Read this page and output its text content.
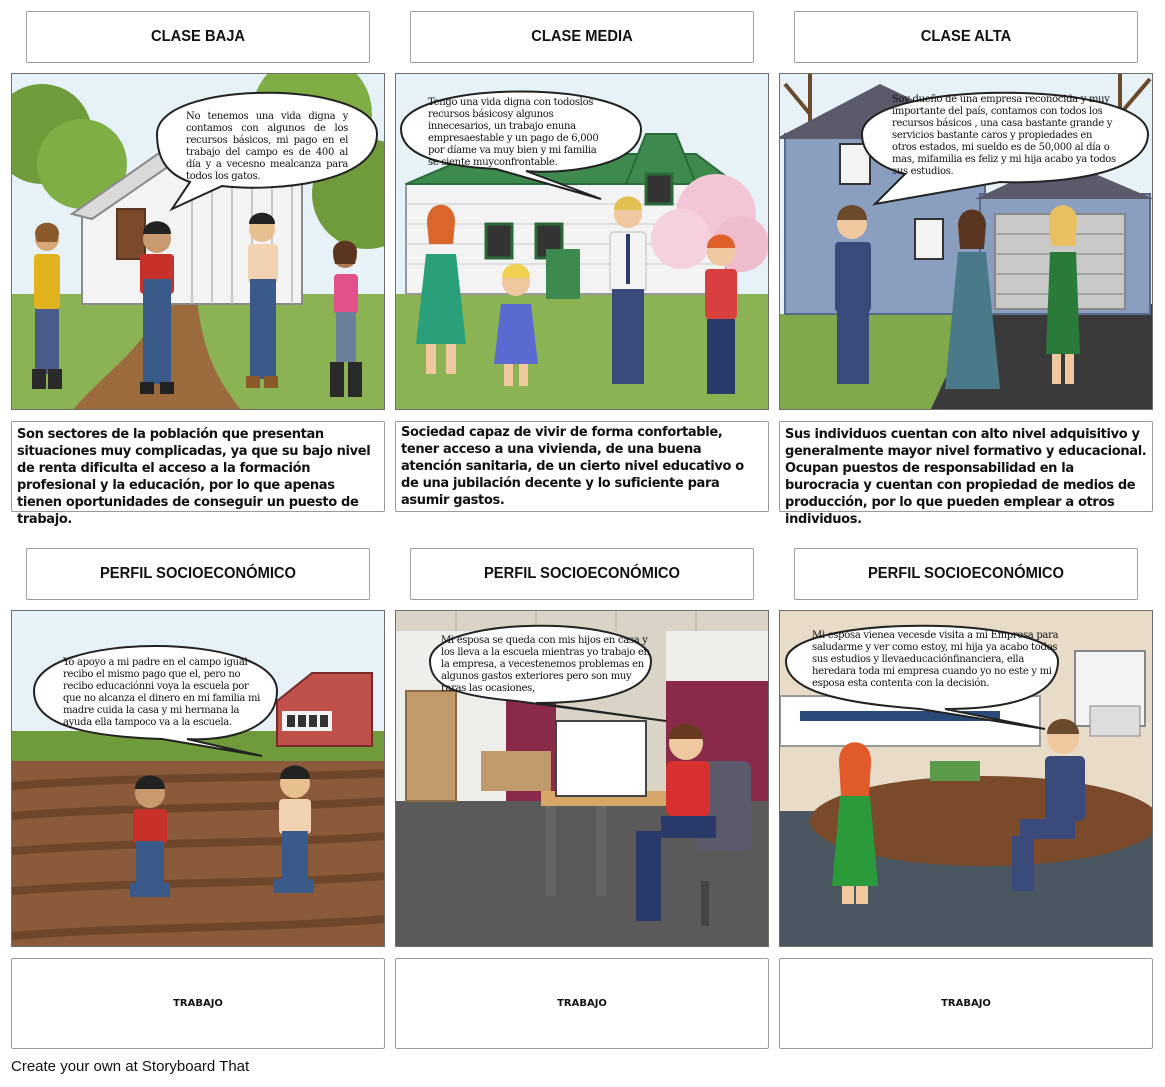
CLASE BAJA	CLASE MEDIA	CLASE ALTA
No tenemos una vida digna y contamos con algunos de los recursos básicos, mi pago en el trabajo del campo es de 400 al día y a vecesno mealcanza para todos los gatos.
Tengo una vida digna con todoslos recursos básicosy algunos innecesarios, un trabajo enuna empresaestable y un pago de 6,000 por díame va muy bien y mi familia se siente muyconfrontable.
Soy dueño de una empresa reconocida y muy importante del país, contamos con todos los recursos básicos , una casa bastante grande y servicios bastante caros y propiedades en otros estados, mi sueldo es de 50,000 al día o mas, mifamilia es feliz y mi hija acabo ya todos sus estudios.
Son sectores de la población que presentan situaciones muy complicadas, ya que su bajo nivel de renta dificulta el acceso a la formación profesional y la educación, por lo que apenas tienen oportunidades de conseguir un puesto de trabajo.
Sociedad capaz de vivir de forma confortable, tener acceso a una vivienda, de una buena atención sanitaria, de un cierto nivel educativo o de una jubilación decente y lo suficiente para asumir gastos.
Sus individuos cuentan con alto nivel adquisitivo y generalmente mayor nivel formativo y educacional. Ocupan puestos de responsabilidad en la burocracia y cuentan con propiedad de medios de producción, por lo que pueden emplear a otros individuos.
PERFIL SOCIOECONÓMICO	PERFIL SOCIOECONÓMICO	PERFIL SOCIOECONÓMICO
Yo apoyo a mi padre en el campo igual recibo el mismo pago que el, pero no recibo educaciónni voya la escuela por que no alcanza el dinero en mi familia mi madre cuida la casa y mi hermana la ayuda ella tampoco va a la escuela.
Mi esposa se queda con mis hijos en casa y los lleva a la escuela mientras yo trabajo en la empresa, a vecestenemos problemas en algunos gastos exteriores pero son muy raras las ocasiones,
Mi esposa vienea vecesde visita a mi Empresa para saludarme y ver como estoy, mi hija ya acabo todos sus estudios y llevaeducaciónfinanciera, ella heredara toda mi empresa cuando yo no este y mi esposa esta contenta con la decisión.
TRABAJO	TRABAJO	TRABAJO
Create your own at Storyboard That
